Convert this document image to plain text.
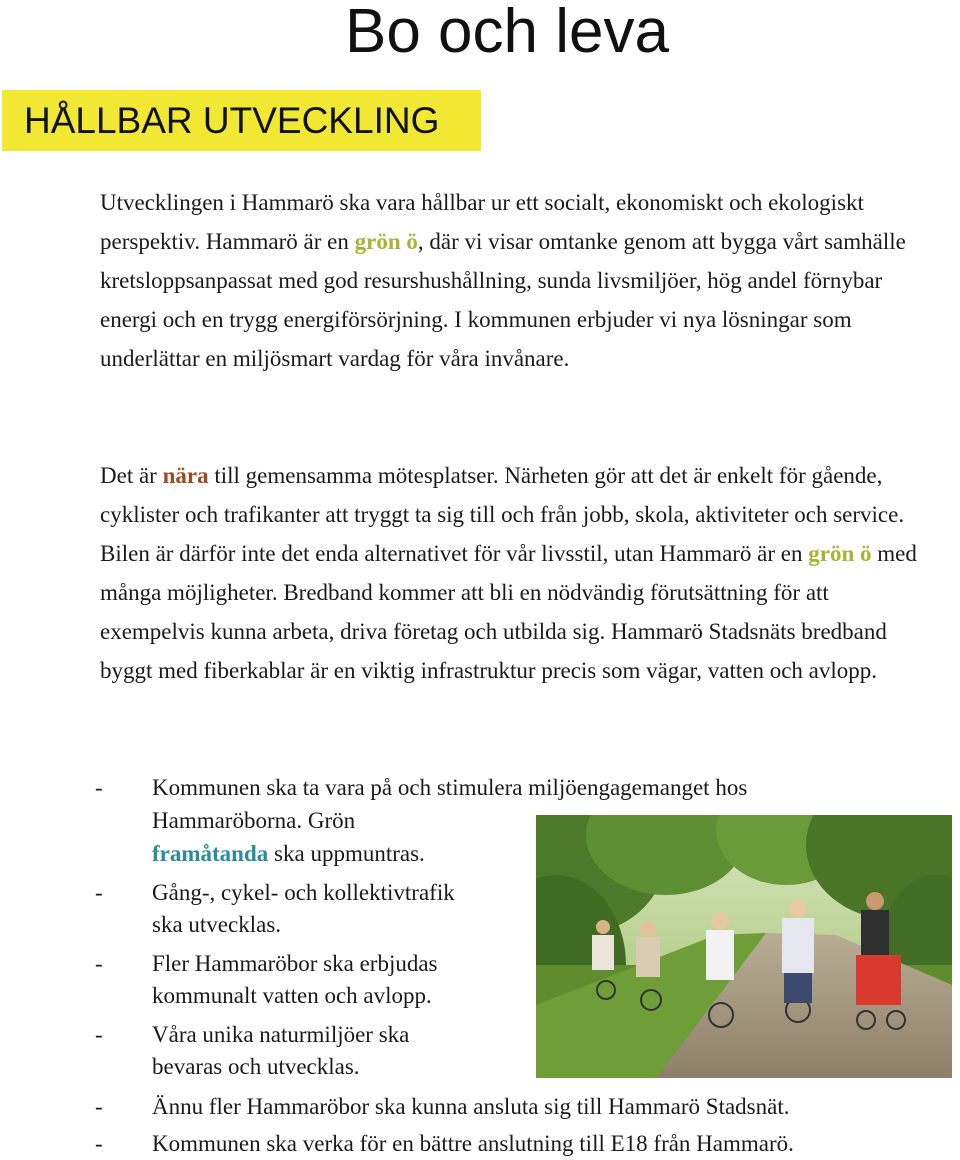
Bo och leva
HÅLLBAR UTVECKLING

Utvecklingen i Hammarö ska vara hållbar ur ett socialt, ekonomiskt och ekologiskt perspektiv. Hammarö är en grön ö, där vi visar omtanke genom att bygga vårt samhälle kretsloppsanpassat med god resurshushållning, sunda livsmiljöer, hög andel förnybar energi och en trygg energiförsörjning. I kommunen erbjuder vi nya lösningar som underlättar en miljösmart vardag för våra invånare.

Det är nära till gemensamma mötesplatser. Närheten gör att det är enkelt för gående, cyklister och trafikanter att tryggt ta sig till och från jobb, skola, aktiviteter och service. Bilen är därför inte det enda alternativet för vår livsstil, utan Hammarö är en grön ö med många möjligheter. Bredband kommer att bli en nödvändig förutsättning för att exempelvis kunna arbeta, driva företag och utbilda sig. Hammarö Stadsnäts bredband byggt med fiberkablar är en viktig infrastruktur precis som vägar, vatten och avlopp.

-	Kommunen ska ta vara på och stimulera miljöengagemanget hos
Hammaröborna. Grön
framåtanda ska uppmuntras.
-	Gång-, cykel- och kollektivtrafik
ska utvecklas.
-	Fler Hammaröbor ska erbjudas
kommunalt vatten och avlopp.
-	Våra unika naturmiljöer ska
bevaras och utvecklas.
-	Ännu fler Hammaröbor ska kunna ansluta sig till Hammarö Stadsnät.
-	Kommunen ska verka för en bättre anslutning till E18 från Hammarö.
